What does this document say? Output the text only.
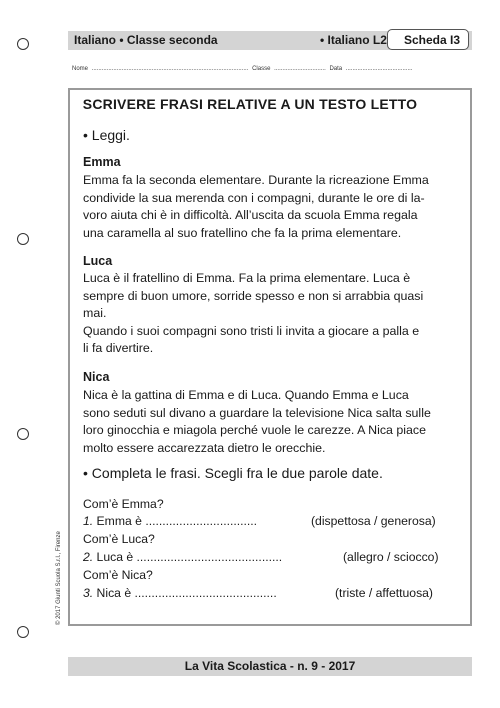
Italiano • Classe seconda	• Italiano L2 Scheda I3
Nome .............................................................................................. Classe ............................... Data ........................................
SCRIVERE FRASI RELATIVE A UN TESTO LETTO
• Leggi.
Emma
Emma fa la seconda elementare. Durante la ricreazione Emma
condivide la sua merenda con i compagni, durante le ore di la-
voro aiuta chi è in difficoltà. All’uscita da scuola Emma regala
una caramella al suo fratellino che fa la prima elementare.
Luca
Luca è il fratellino di Emma. Fa la prima elementare. Luca è
sempre di buon umore, sorride spesso e non si arrabbia quasi
mai.
Quando i suoi compagni sono tristi li invita a giocare a palla e
li fa divertire.
Nica
Nica è la gattina di Emma e di Luca. Quando Emma e Luca
sono seduti sul divano a guardare la televisione Nica salta sulle
loro ginocchia e miagola perché vuole le carezze. A Nica piace
molto essere accarezzata dietro le orecchie.
• Completa le frasi. Scegli fra le due parole date.
Com’è Emma?
1. Emma è .................................	(dispettosa / generosa)
Com’è Luca?
2. Luca è ...........................................	(allegro / sciocco)
Com’è Nica?
3. Nica è ..........................................	(triste / affettuosa)
© 2017 Giunti Scuola S.r.l., Firenze
La Vita Scolastica - n. 9 - 2017
